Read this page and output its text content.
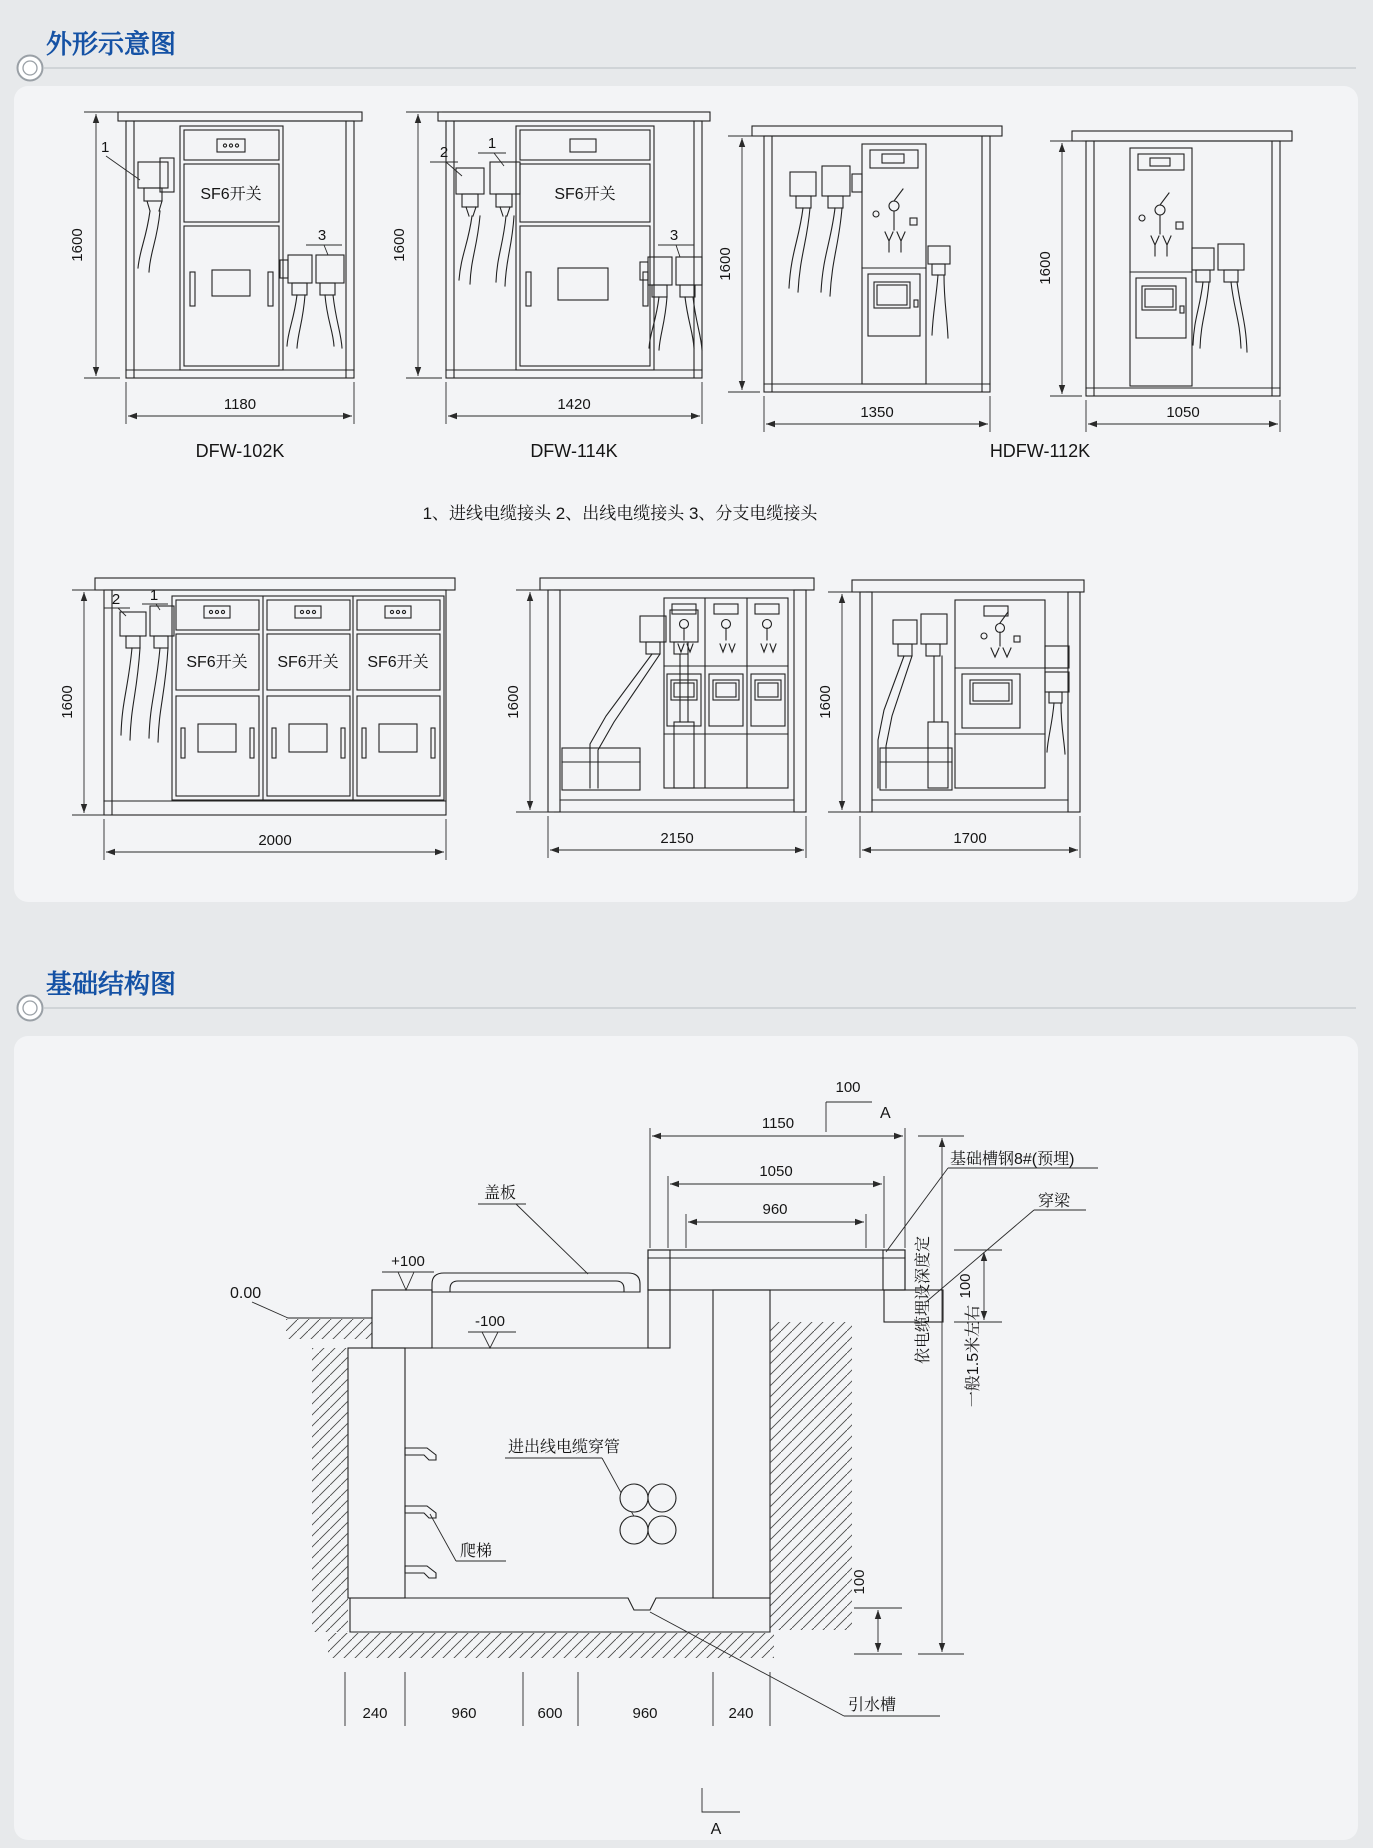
外形示意图
SF6开关
1
3
1600
1180
DFW-102K
SF6开关
2
1
3
1600
1420
DFW-114K
1600
1350
1600
1050
HDFW-112K
1、进线电缆接头 2、出线电缆接头 3、分支电缆接头
SF6开关 SF6开关 SF6开关
2 1
1600
2000
1600
2150
1600
1700
基础结构图
100
A
1150
1050
960
基础槽钢8#(预埋)
穿梁
100
0.00
+100
-100
盖板
爬梯
进出线电缆穿管
引水槽
100
依电缆埋设深度定 一般1.5米左右
240	960	600	960	240
A
